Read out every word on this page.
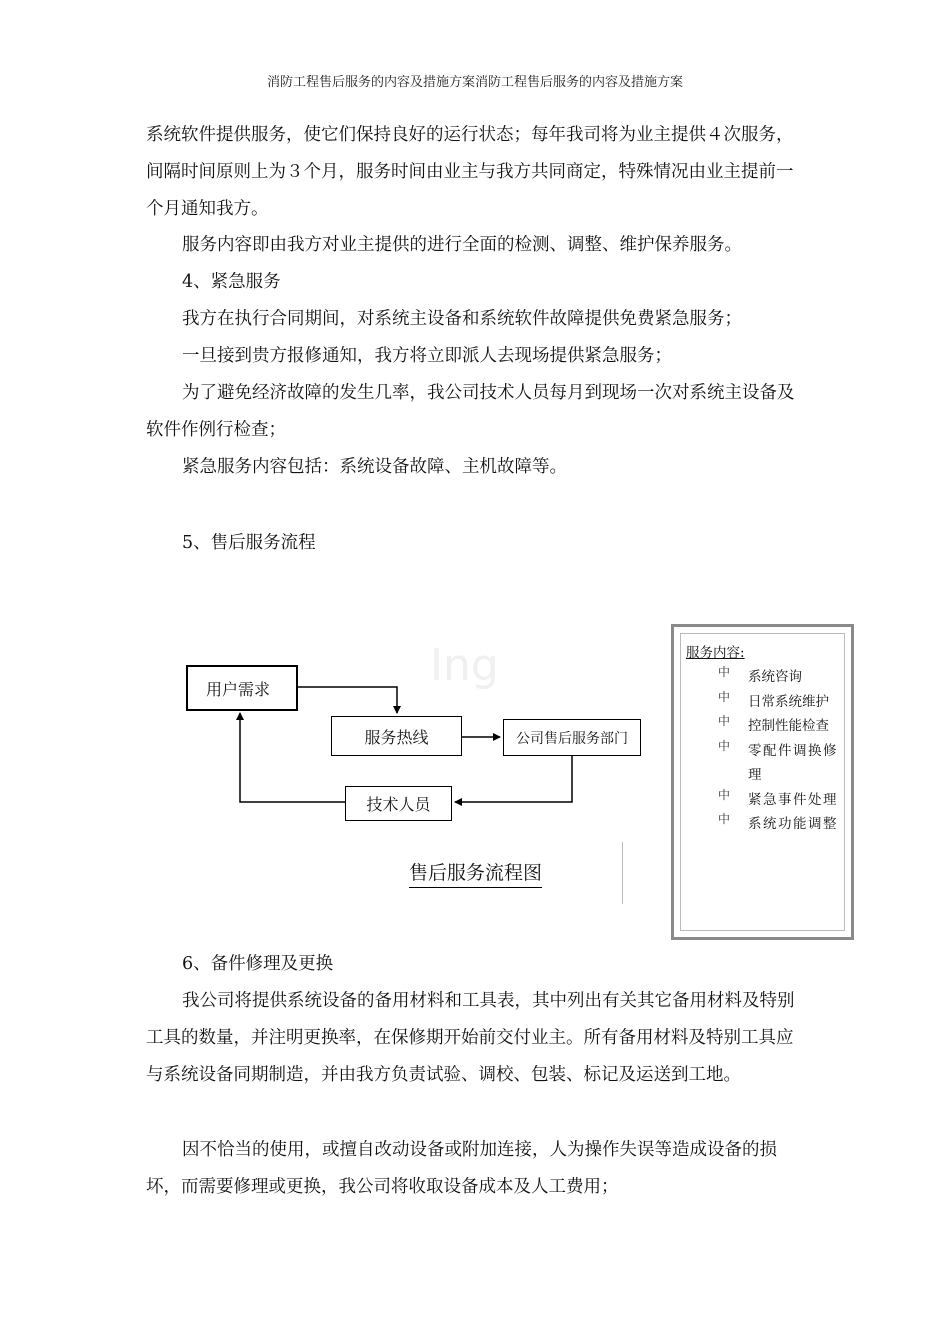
消防工程售后服务的内容及措施方案消防工程售后服务的内容及措施方案

系统软件提供服务，使它们保持良好的运行状态；每年我司将为业主提供４次服务，间隔时间原则上为３个月，服务时间由业主与我方共同商定，特殊情况由业主提前一个月通知我方。

服务内容即由我方对业主提供的进行全面的检测、调整、维护保养服务。

4、紧急服务

我方在执行合同期间，对系统主设备和系统软件故障提供免费紧急服务；

一旦接到贵方报修通知，我方将立即派人去现场提供紧急服务；

为了避免经济故障的发生几率，我公司技术人员每月到现场一次对系统主设备及软件作例行检查；

紧急服务内容包括：系统设备故障、主机故障等。

5、售后服务流程

Ing
用户需求
服务热线	公司售后服务部门
技术人员
售后服务流程图
服务内容:
中 系统咨询
中 日常系统维护
中 控制性能检查
中 零配件调换修理
中 紧急事件处理
中 系统功能调整

6、备件修理及更换

我公司将提供系统设备的备用材料和工具表，其中列出有关其它备用材料及特别工具的数量，并注明更换率，在保修期开始前交付业主。所有备用材料及特别工具应与系统设备同期制造，并由我方负责试验、调校、包装、标记及运送到工地。

因不恰当的使用，或擅自改动设备或附加连接，人为操作失误等造成设备的损坏，而需要修理或更换，我公司将收取设备成本及人工费用；
